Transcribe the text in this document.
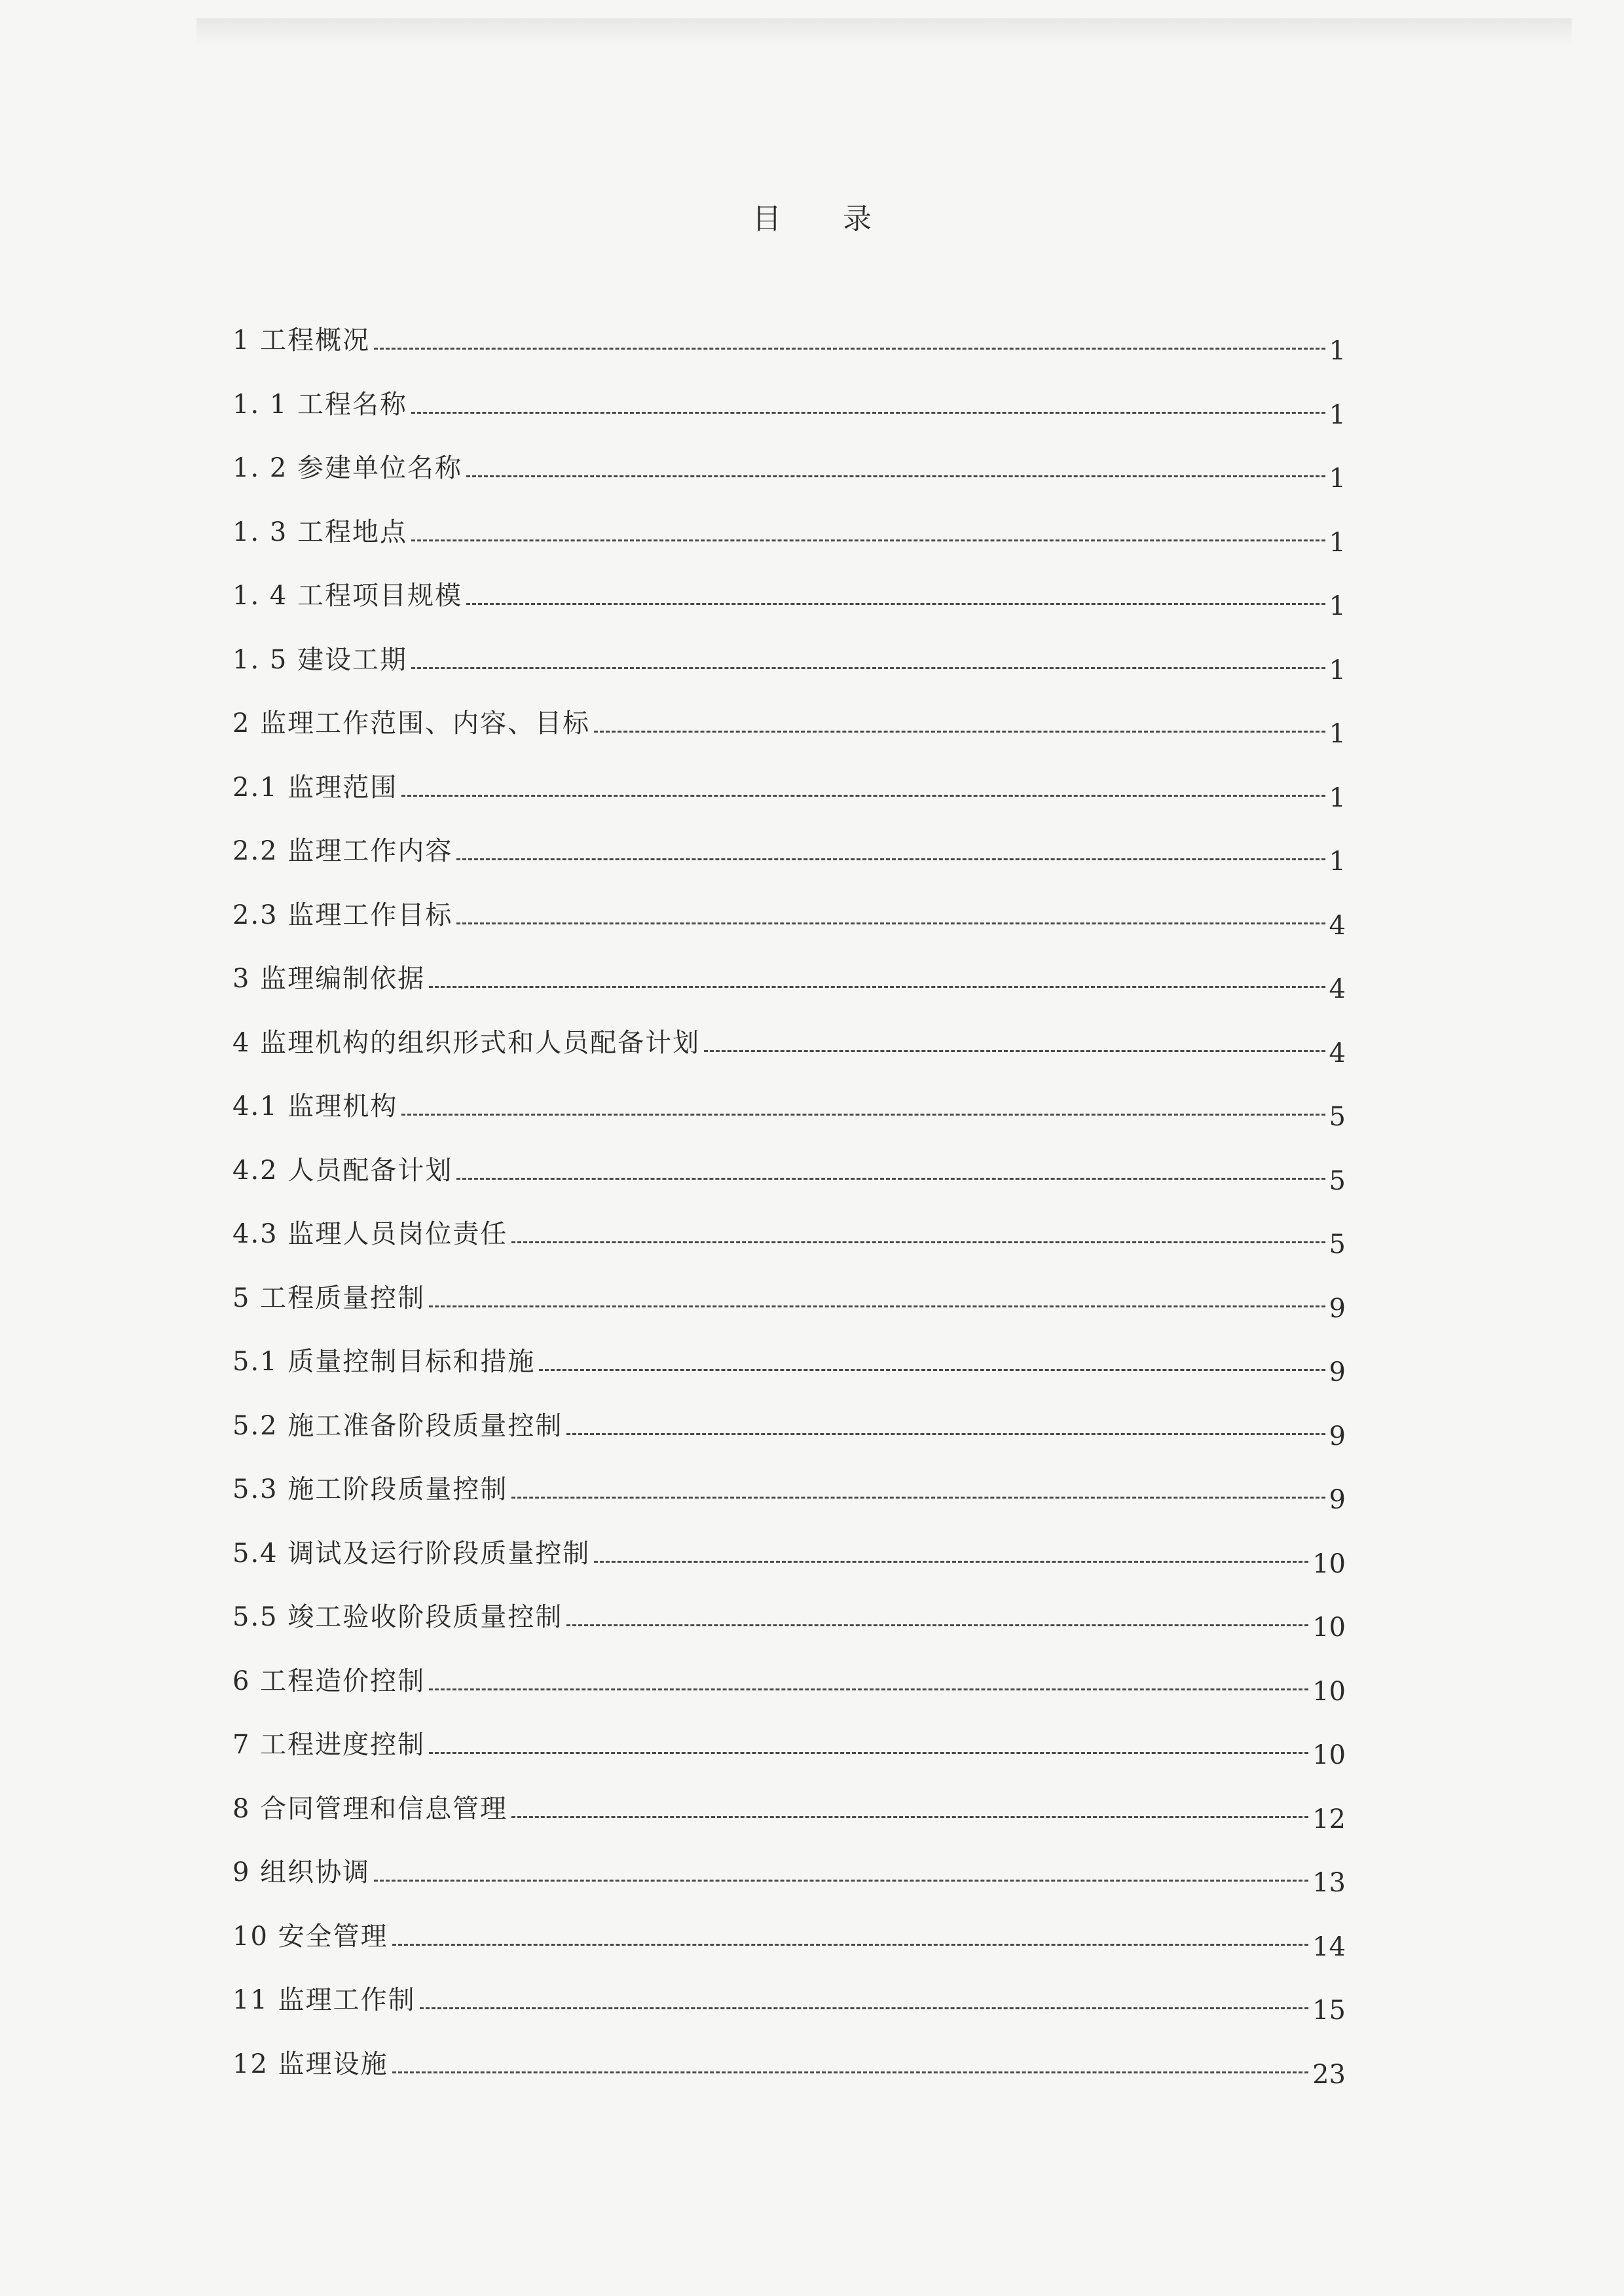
目 录
1 工程概况	1
1. 1 工程名称	1
1. 2 参建单位名称	1
1. 3 工程地点	1
1. 4 工程项目规模	1
1. 5 建设工期	1
2 监理工作范围、内容、目标	1
2.1 监理范围	1
2.2 监理工作内容	1
2.3 监理工作目标	4
3 监理编制依据	4
4 监理机构的组织形式和人员配备计划	4
4.1 监理机构	5
4.2 人员配备计划	5
4.3 监理人员岗位责任	5
5 工程质量控制	9
5.1 质量控制目标和措施	9
5.2 施工准备阶段质量控制	9
5.3 施工阶段质量控制	9
5.4 调试及运行阶段质量控制	10
5.5 竣工验收阶段质量控制	10
6 工程造价控制	10
7 工程进度控制	10
8 合同管理和信息管理	12
9 组织协调	13
10 安全管理	14
11 监理工作制	15
12 监理设施	23
